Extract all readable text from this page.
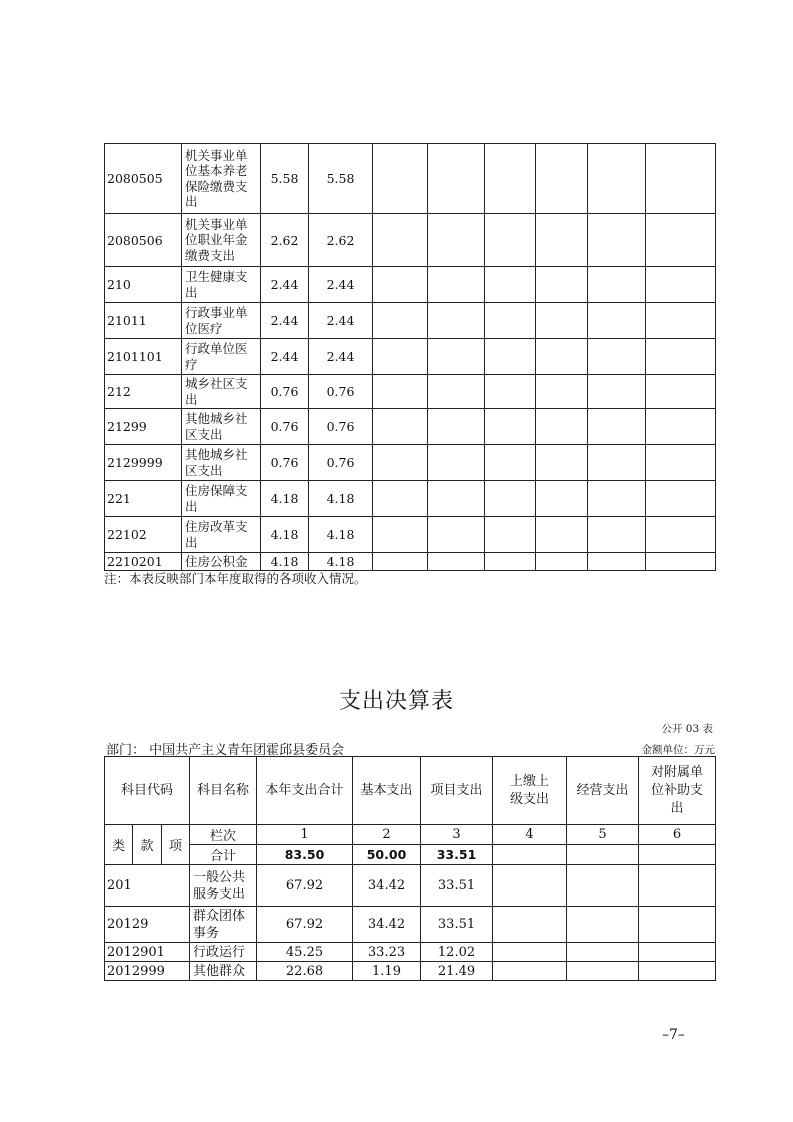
2080505	机关事业单位基本养老保险缴费支出	5.58	5.58						
2080506	机关事业单位职业年金缴费支出	2.62	2.62						
210	卫生健康支出	2.44	2.44						
21011	行政事业单位医疗	2.44	2.44						
2101101	行政单位医疗	2.44	2.44						
212	城乡社区支出	0.76	0.76						
21299	其他城乡社区支出	0.76	0.76						
2129999	其他城乡社区支出	0.76	0.76						
221	住房保障支出	4.18	4.18						
22102	住房改革支出	4.18	4.18						
2210201	住房公积金	4.18	4.18						
注：本表反映部门本年度取得的各项收入情况。
支出决算表
公开 03 表
部门： 中国共产主义青年团霍邱县委员会	金额单位：万元
科目代码			科目名称	本年支出合计	基本支出	项目支出	上缴上级支出	经营支出	对附属单位补助支出
类	款	项	栏次	1	2	3	4	5	6
			合计	83.50	50.00	33.51			
201			一般公共服务支出	67.92	34.42	33.51			
20129			群众团体事务	67.92	34.42	33.51			
2012901			行政运行	45.25	33.23	12.02			
2012999			其他群众	22.68	1.19	21.49			
–7–
